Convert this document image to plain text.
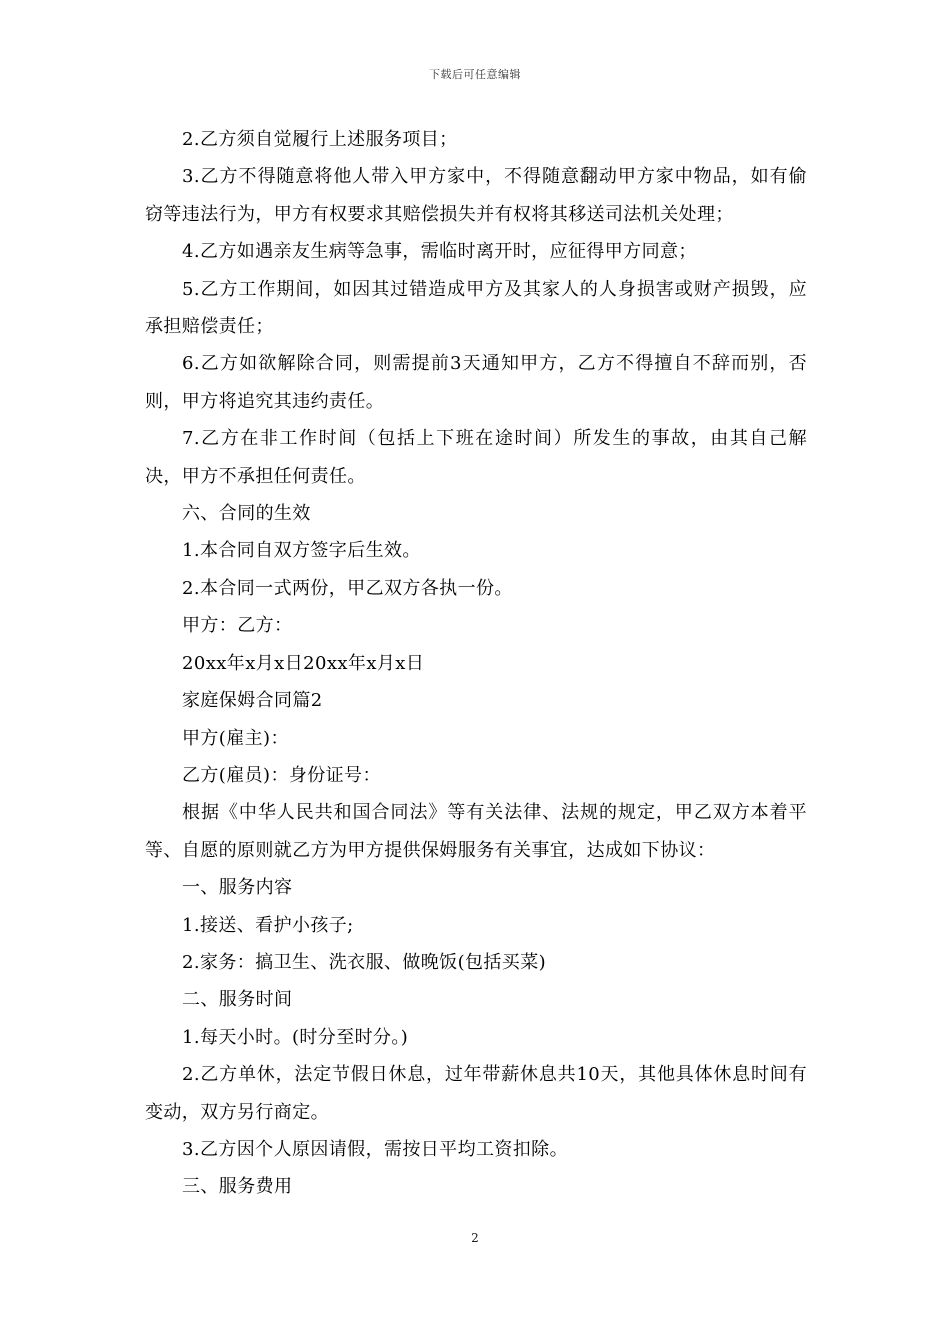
下载后可任意编辑

2.乙方须自觉履行上述服务项目；

3.乙方不得随意将他人带入甲方家中，不得随意翻动甲方家中物品，如有偷窃等违法行为，甲方有权要求其赔偿损失并有权将其移送司法机关处理；

4.乙方如遇亲友生病等急事，需临时离开时，应征得甲方同意；

5.乙方工作期间，如因其过错造成甲方及其家人的人身损害或财产损毁，应承担赔偿责任；

6.乙方如欲解除合同，则需提前3天通知甲方，乙方不得擅自不辞而别，否则，甲方将追究其违约责任。

7.乙方在非工作时间（包括上下班在途时间）所发生的事故，由其自己解决，甲方不承担任何责任。

六、合同的生效

1.本合同自双方签字后生效。

2.本合同一式两份，甲乙双方各执一份。

甲方：乙方：

20xx年x月x日20xx年x月x日

家庭保姆合同篇2

甲方(雇主)：

乙方(雇员)：身份证号：

根据《中华人民共和国合同法》等有关法律、法规的规定，甲乙双方本着平等、自愿的原则就乙方为甲方提供保姆服务有关事宜，达成如下协议：

一、服务内容

1.接送、看护小孩子;

2.家务：搞卫生、洗衣服、做晚饭(包括买菜)

二、服务时间

1.每天小时。(时分至时分。)

2.乙方单休，法定节假日休息，过年带薪休息共10天，其他具体休息时间有变动，双方另行商定。

3.乙方因个人原因请假，需按日平均工资扣除。

三、服务费用

2
